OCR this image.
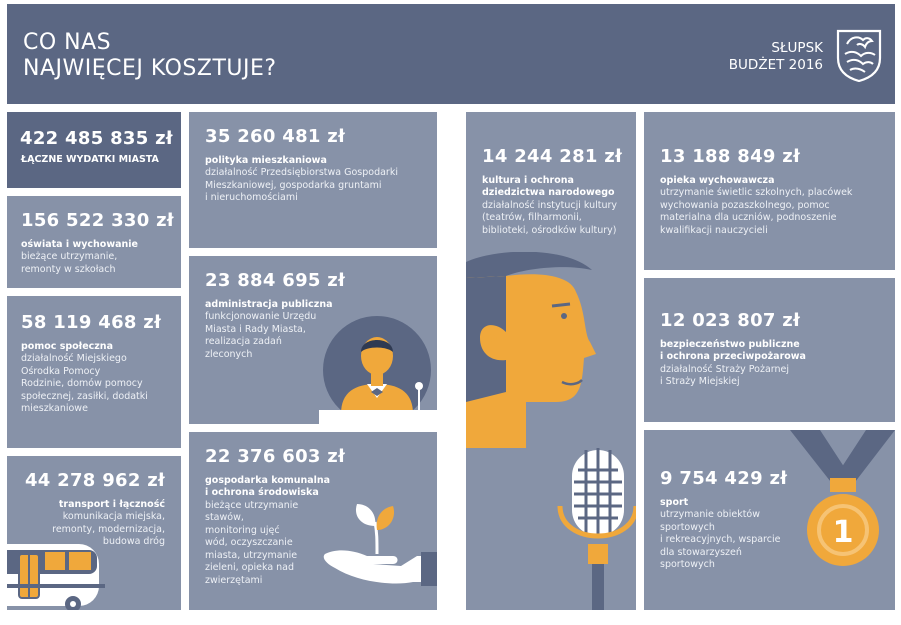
CO NAS
NAJWIĘCEJ KOSZTUJE?
SŁUPSK
BUDŻET 2016
422 485 835 zł
ŁĄCZNE WYDATKI MIASTA
156 522 330 zł
oświata i wychowanie
bieżące utrzymanie,
remonty w szkołach
58 119 468 zł
pomoc społeczna
działalność Miejskiego
Ośrodka Pomocy
Rodzinie, domów pomocy
społecznej, zasiłki, dodatki
mieszkaniowe
44 278 962 zł
transport i łączność
komunikacja miejska,
remonty, modernizacja,
budowa dróg
35 260 481 zł
polityka mieszkaniowa
działalność Przedsiębiorstwa Gospodarki
Mieszkaniowej, gospodarka gruntami
i nieruchomościami
23 884 695 zł
administracja publiczna
funkcjonowanie Urzędu
Miasta i Rady Miasta,
realizacja zadań
zleconych
22 376 603 zł
gospodarka komunalna
i ochrona środowiska
bieżące utrzymanie
stawów,
monitoring ujęć
wód, oczyszczanie
miasta, utrzymanie
zieleni, opieka nad
zwierzętami
14 244 281 zł
kultura i ochrona
dziedzictwa narodowego
działalność instytucji kultury
(teatrów, filharmonii,
biblioteki, ośrodków kultury)
13 188 849 zł
opieka wychowawcza
utrzymanie świetlic szkolnych, placówek
wychowania pozaszkolnego, pomoc
materialna dla uczniów, podnoszenie
kwalifikacji nauczycieli
12 023 807 zł
bezpieczeństwo publiczne
i ochrona przeciwpożarowa
działalność Straży Pożarnej
i Straży Miejskiej
9 754 429 zł
sport
utrzymanie obiektów
sportowych
i rekreacyjnych, wsparcie
dla stowarzyszeń
sportowych
1
